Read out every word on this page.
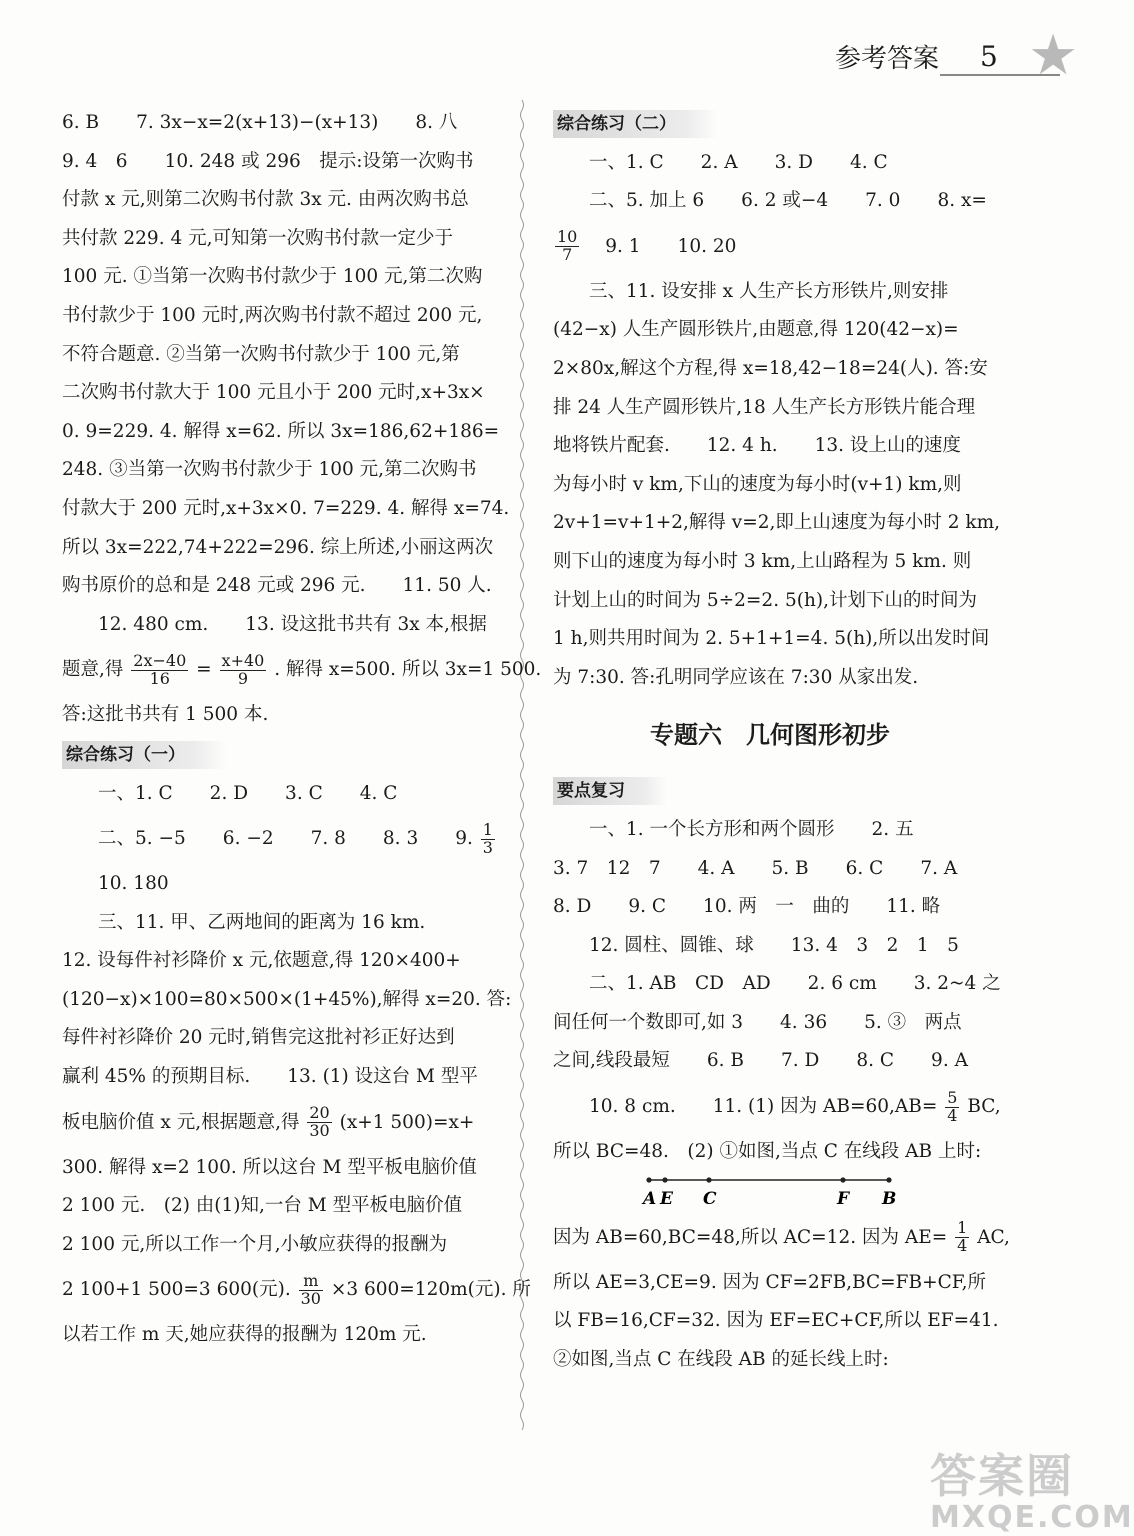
参考答案 5 ★
6. B　　7. 3x−x=2(x+13)−(x+13)　　8. 八
9. 4　6　　10. 248 或 296　提示:设第一次购书
付款 x 元,则第二次购书付款 3x 元. 由两次购书总
共付款 229. 4 元,可知第一次购书付款一定少于
100 元. ①当第一次购书付款少于 100 元,第二次购
书付款少于 100 元时,两次购书付款不超过 200 元,
不符合题意. ②当第一次购书付款少于 100 元,第
二次购书付款大于 100 元且小于 200 元时,x+3x×
0. 9=229. 4. 解得 x=62. 所以 3x=186,62+186=
248. ③当第一次购书付款少于 100 元,第二次购书
付款大于 200 元时,x+3x×0. 7=229. 4. 解得 x=74.
所以 3x=222,74+222=296. 综上所述,小丽这两次
购书原价的总和是 248 元或 296 元.　　11. 50 人.
12. 480 cm.　　13. 设这批书共有 3x 本,根据
题意,得 $\frac{2x-40}{16} = \frac{x+40}{9}$ . 解得 x=500. 所以 3x=1 500.
答:这批书共有 1 500 本.
综合练习（一）
一、1. C　　2. D　　3. C　　4. C
二、5. −5　　6. −2　　7. 8　　8. 3　　9. $\frac{1}{3}$
10. 180
三、11. 甲、乙两地间的距离为 16 km.
12. 设每件衬衫降价 x 元,依题意,得 120×400+
(120−x)×100=80×500×(1+45%),解得 x=20. 答:
每件衬衫降价 20 元时,销售完这批衬衫正好达到
赢利 45% 的预期目标.　　13. (1) 设这台 M 型平
板电脑价值 x 元,根据题意,得 $\frac{20}{30} (x+1$ 500)=x+
300. 解得 x=2 100. 所以这台 M 型平板电脑价值
2 100 元.　(2) 由(1)知,一台 M 型平板电脑价值
2 100 元,所以工作一个月,小敏应获得的报酬为
2 100+1 500=3 600(元). $\frac{m}{30} \times 3$ 600=120m(元). 所
以若工作 m 天,她应获得的报酬为 120m 元.
综合练习（二）
一、1. C　　2. A　　3. D　　4. C
二、5. 加上 6　　6. 2 或−4　　7. 0　　8. x=
$\frac{10}{7} 9$. 1　　10. 20
三、11. 设安排 x 人生产长方形铁片,则安排
(42−x) 人生产圆形铁片,由题意,得 120(42−x)=
2×80x,解这个方程,得 x=18,42−18=24(人). 答:安
排 24 人生产圆形铁片,18 人生产长方形铁片能合理
地将铁片配套.　　12. 4 h.　　13. 设上山的速度
为每小时 v km,下山的速度为每小时(v+1) km,则
2v+1=v+1+2,解得 v=2,即上山速度为每小时 2 km,
则下山的速度为每小时 3 km,上山路程为 5 km. 则
计划上山的时间为 5÷2=2. 5(h),计划下山的时间为
1 h,则共用时间为 2. 5+1+1=4. 5(h),所以出发时间
为 7:30. 答:孔明同学应该在 7:30 从家出发.
专题六　几何图形初步
要点复习
一、1. 一个长方形和两个圆形　　2. 五
3. 7　12　7　　4. A　　5. B　　6. C　　7. A
8. D　　9. C　　10. 两　一　曲的　　11. 略
12. 圆柱、圆锥、球　　13. 4　3　2　1　5
二、1. AB　CD　AD　　2. 6 cm　　3. 2~4 之
间任何一个数即可,如 3　　4. 36　　5. ③　两点
之间,线段最短　　6. B　　7. D　　8. C　　9. A
10. 8 cm.　　11. (1) 因为 $AB=60,AB= \frac{5}{4}$ BC,
所以 BC=48.　(2) ①如图,当点 C 在线段 AB 上时:
A E C	F B
因为 AB=60,BC=48,所以 AC=12. 因为 $AE= \frac{1}{4}$ AC,
所以 AE=3,CE=9. 因为 CF=2FB,BC=FB+CF,所
以 FB=16,CF=32. 因为 EF=EC+CF,所以 EF=41.
②如图,当点 C 在线段 AB 的延长线上时:
答案圈
MXQE.COM
